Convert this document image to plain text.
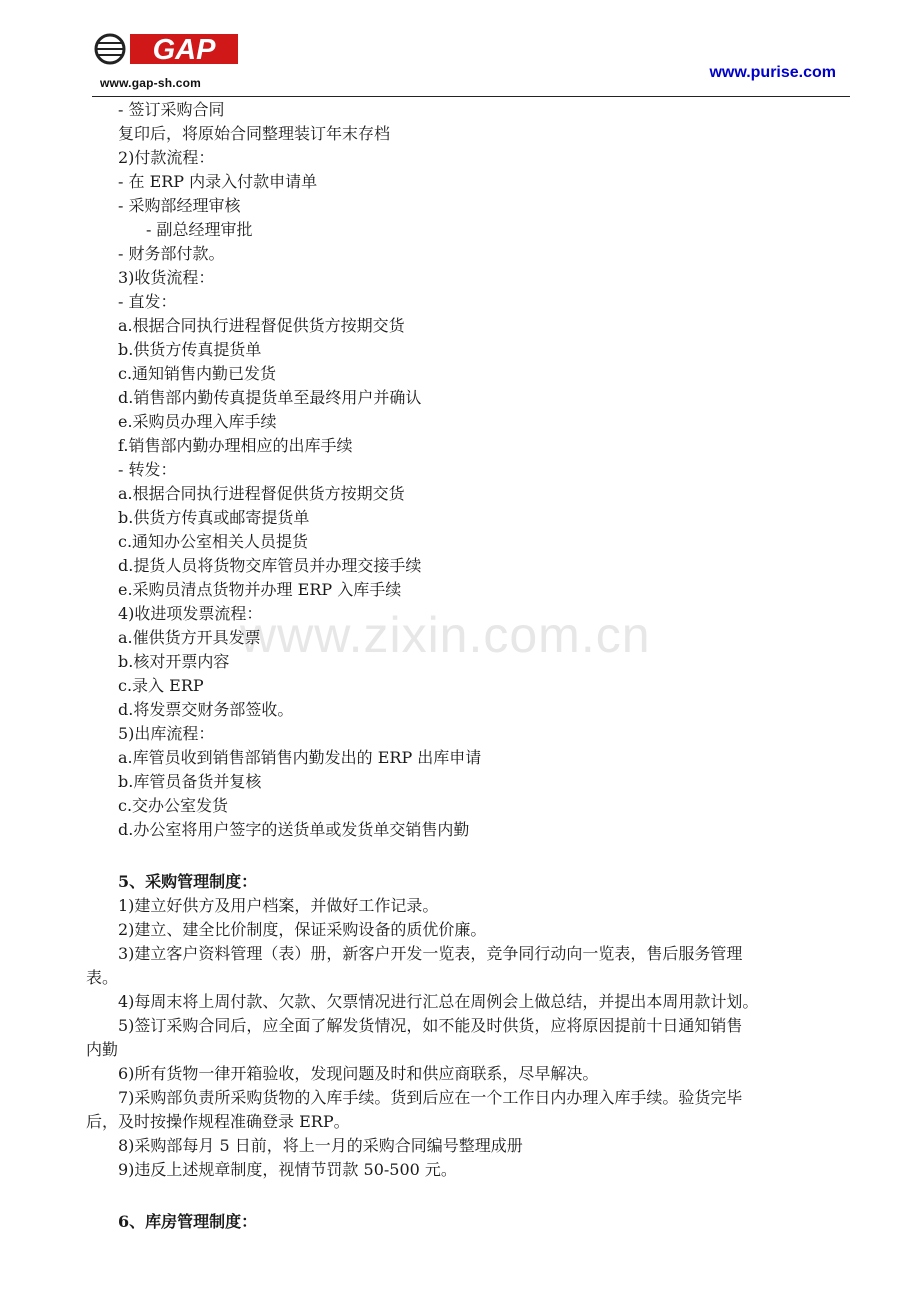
GAP
www.gap-sh.com
www.purise.com
www.zixin.com.cn
- 签订采购合同
复印后，将原始合同整理装订年末存档
2)付款流程：
- 在 ERP 内录入付款申请单
- 采购部经理审核
- 副总经理审批
- 财务部付款。
3)收货流程：
- 直发：
a.根据合同执行进程督促供货方按期交货
b.供货方传真提货单
c.通知销售内勤已发货
d.销售部内勤传真提货单至最终用户并确认
e.采购员办理入库手续
f.销售部内勤办理相应的出库手续
- 转发：
a.根据合同执行进程督促供货方按期交货
b.供货方传真或邮寄提货单
c.通知办公室相关人员提货
d.提货人员将货物交库管员并办理交接手续
e.采购员清点货物并办理 ERP 入库手续
4)收进项发票流程：
a.催供货方开具发票
b.核对开票内容
c.录入 ERP
d.将发票交财务部签收。
5)出库流程：
a.库管员收到销售部销售内勤发出的 ERP 出库申请
b.库管员备货并复核
c.交办公室发货
d.办公室将用户签字的送货单或发货单交销售内勤
5、采购管理制度：
1)建立好供方及用户档案，并做好工作记录。
2)建立、建全比价制度，保证采购设备的质优价廉。
3)建立客户资料管理（表）册，新客户开发一览表，竞争同行动向一览表，售后服务管理
表。
4)每周末将上周付款、欠款、欠票情况进行汇总在周例会上做总结，并提出本周用款计划。
5)签订采购合同后，应全面了解发货情况，如不能及时供货，应将原因提前十日通知销售
内勤
6)所有货物一律开箱验收，发现问题及时和供应商联系，尽早解决。
7)采购部负责所采购货物的入库手续。货到后应在一个工作日内办理入库手续。验货完毕
后，及时按操作规程准确登录 ERP。
8)采购部每月 5 日前，将上一月的采购合同编号整理成册
9)违反上述规章制度，视情节罚款 50-500 元。
6、库房管理制度：
